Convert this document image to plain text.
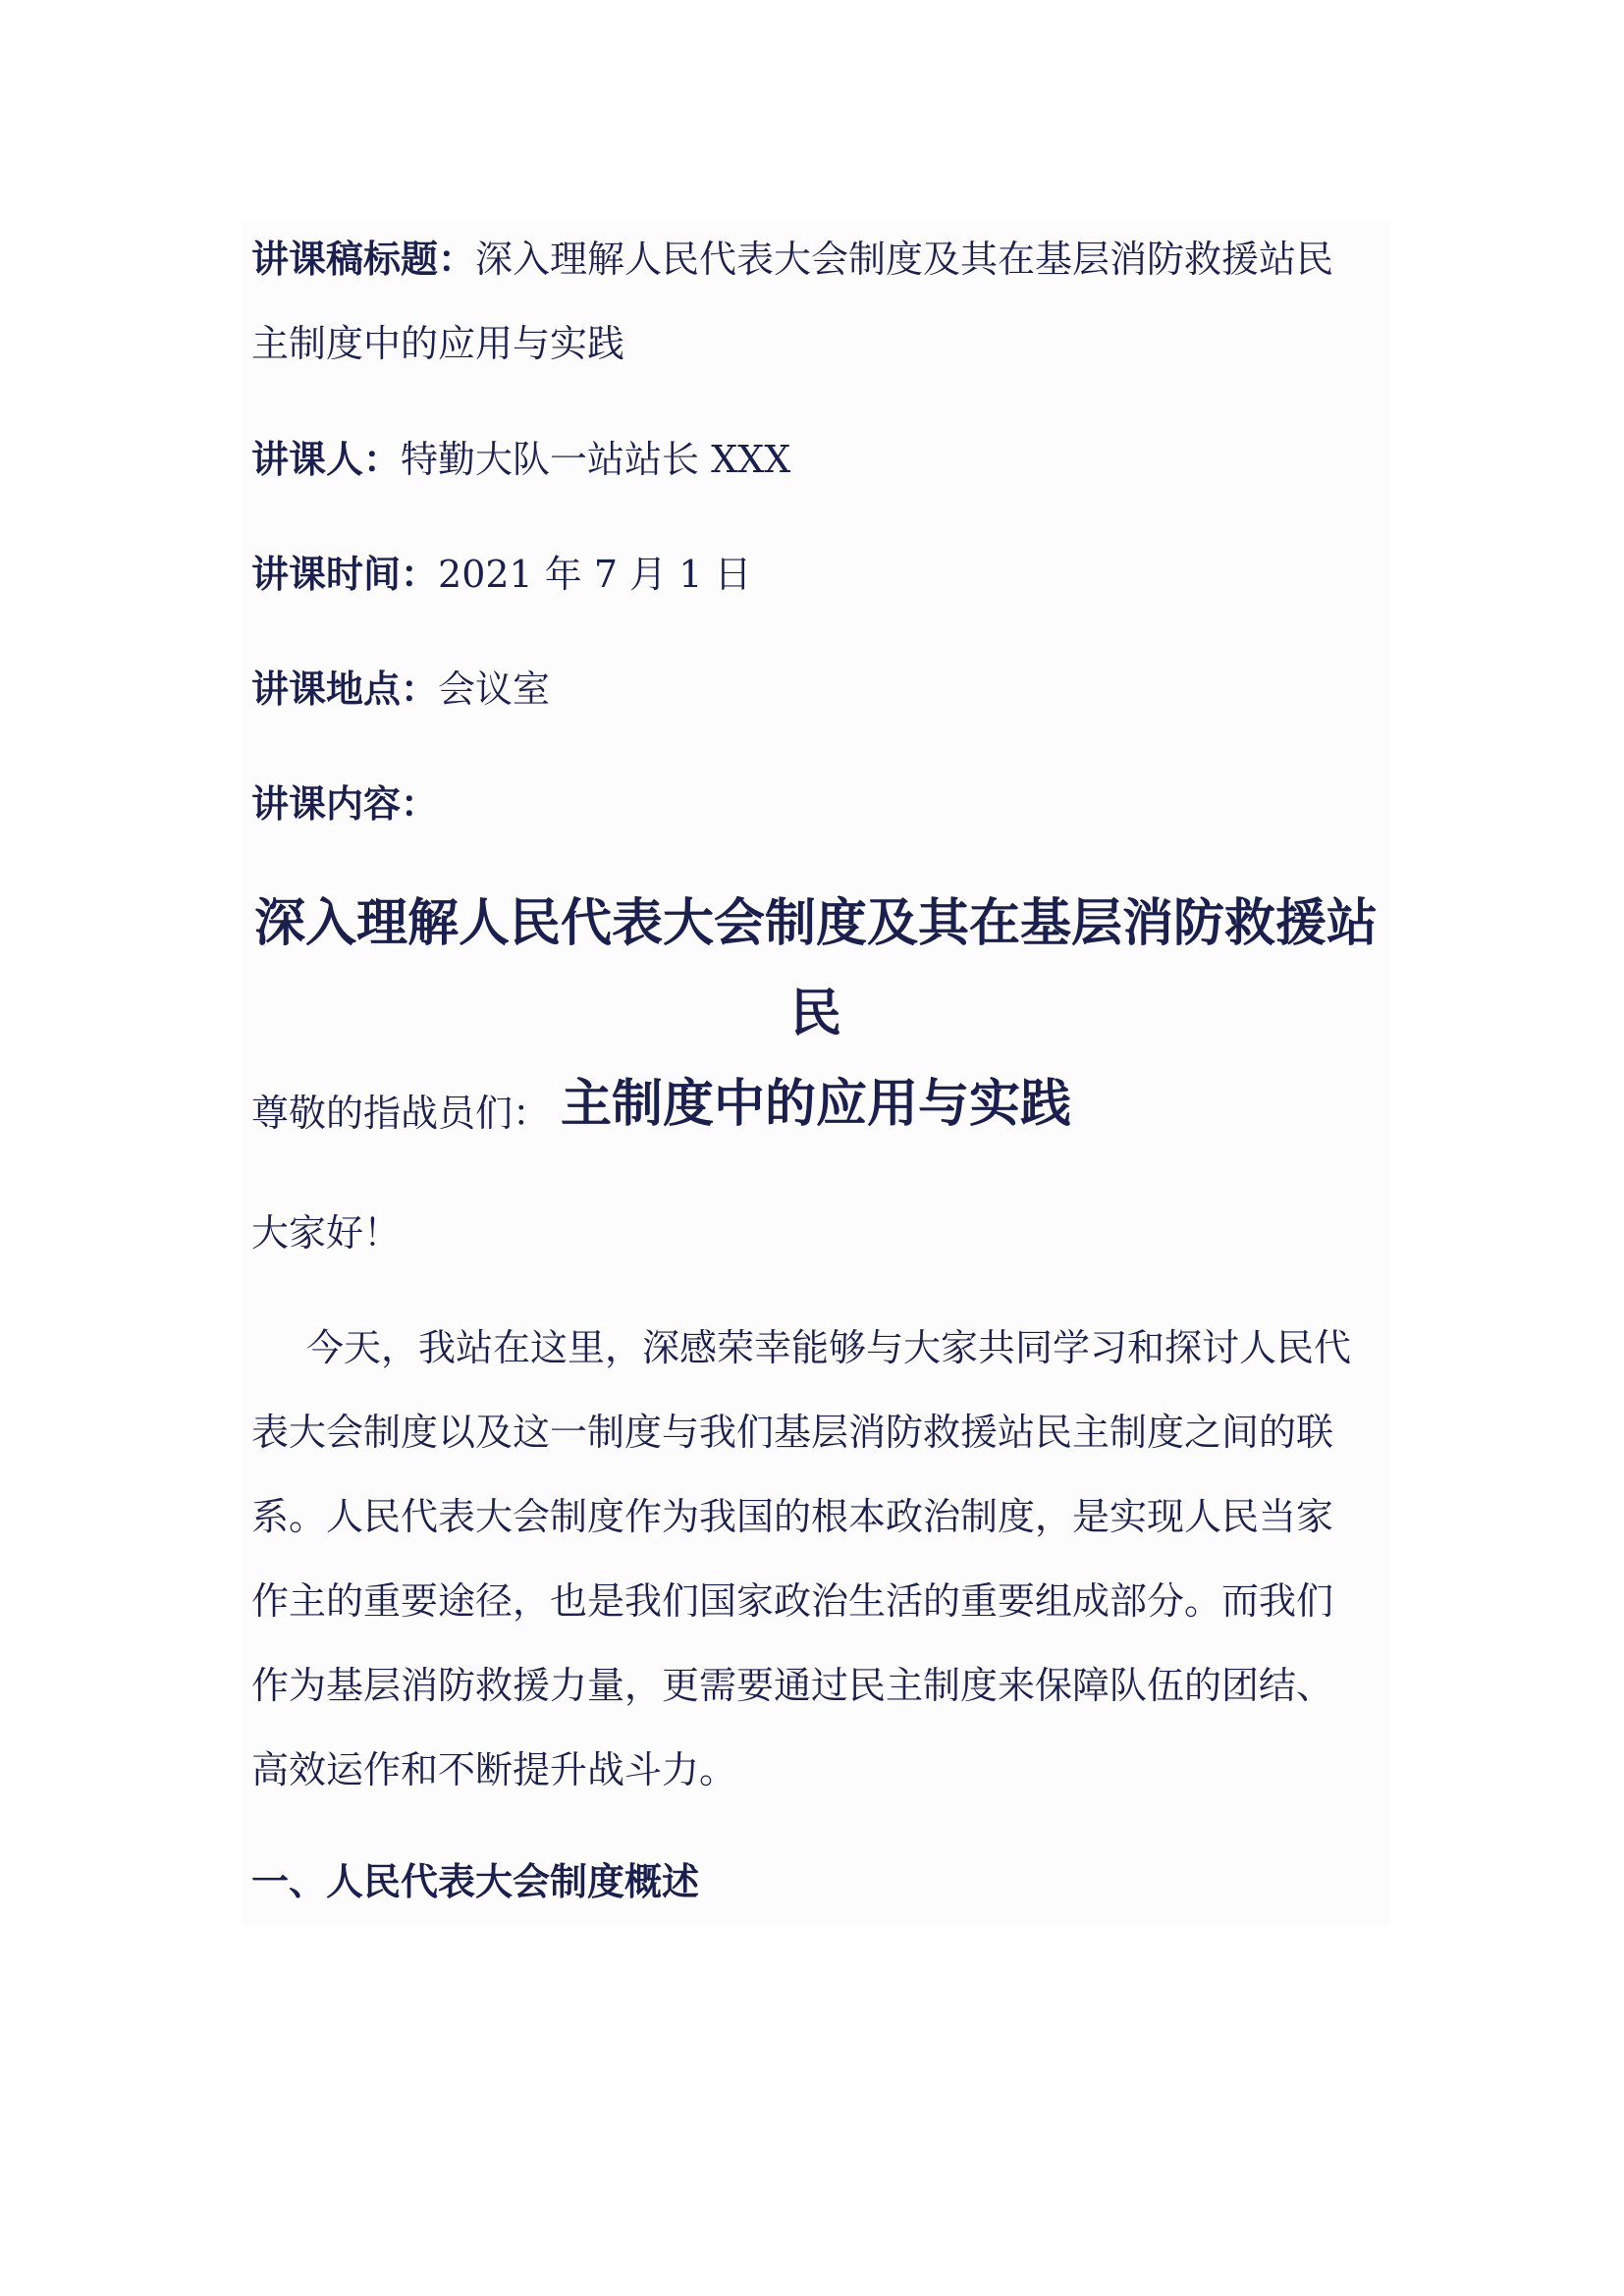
讲课稿标题：深入理解人民代表大会制度及其在基层消防救援站民
主制度中的应用与实践
讲课人：特勤大队一站站长 XXX
讲课时间：2021 年 7 月 1 日
讲课地点：会议室
讲课内容：
深入理解人民代表大会制度及其在基层消防救援站民
主制度中的应用与实践
尊敬的指战员们：
大家好！
今天，我站在这里，深感荣幸能够与大家共同学习和探讨人民代
表大会制度以及这一制度与我们基层消防救援站民主制度之间的联
系。人民代表大会制度作为我国的根本政治制度，是实现人民当家
作主的重要途径，也是我们国家政治生活的重要组成部分。而我们
作为基层消防救援力量，更需要通过民主制度来保障队伍的团结、
高效运作和不断提升战斗力。
一、人民代表大会制度概述
